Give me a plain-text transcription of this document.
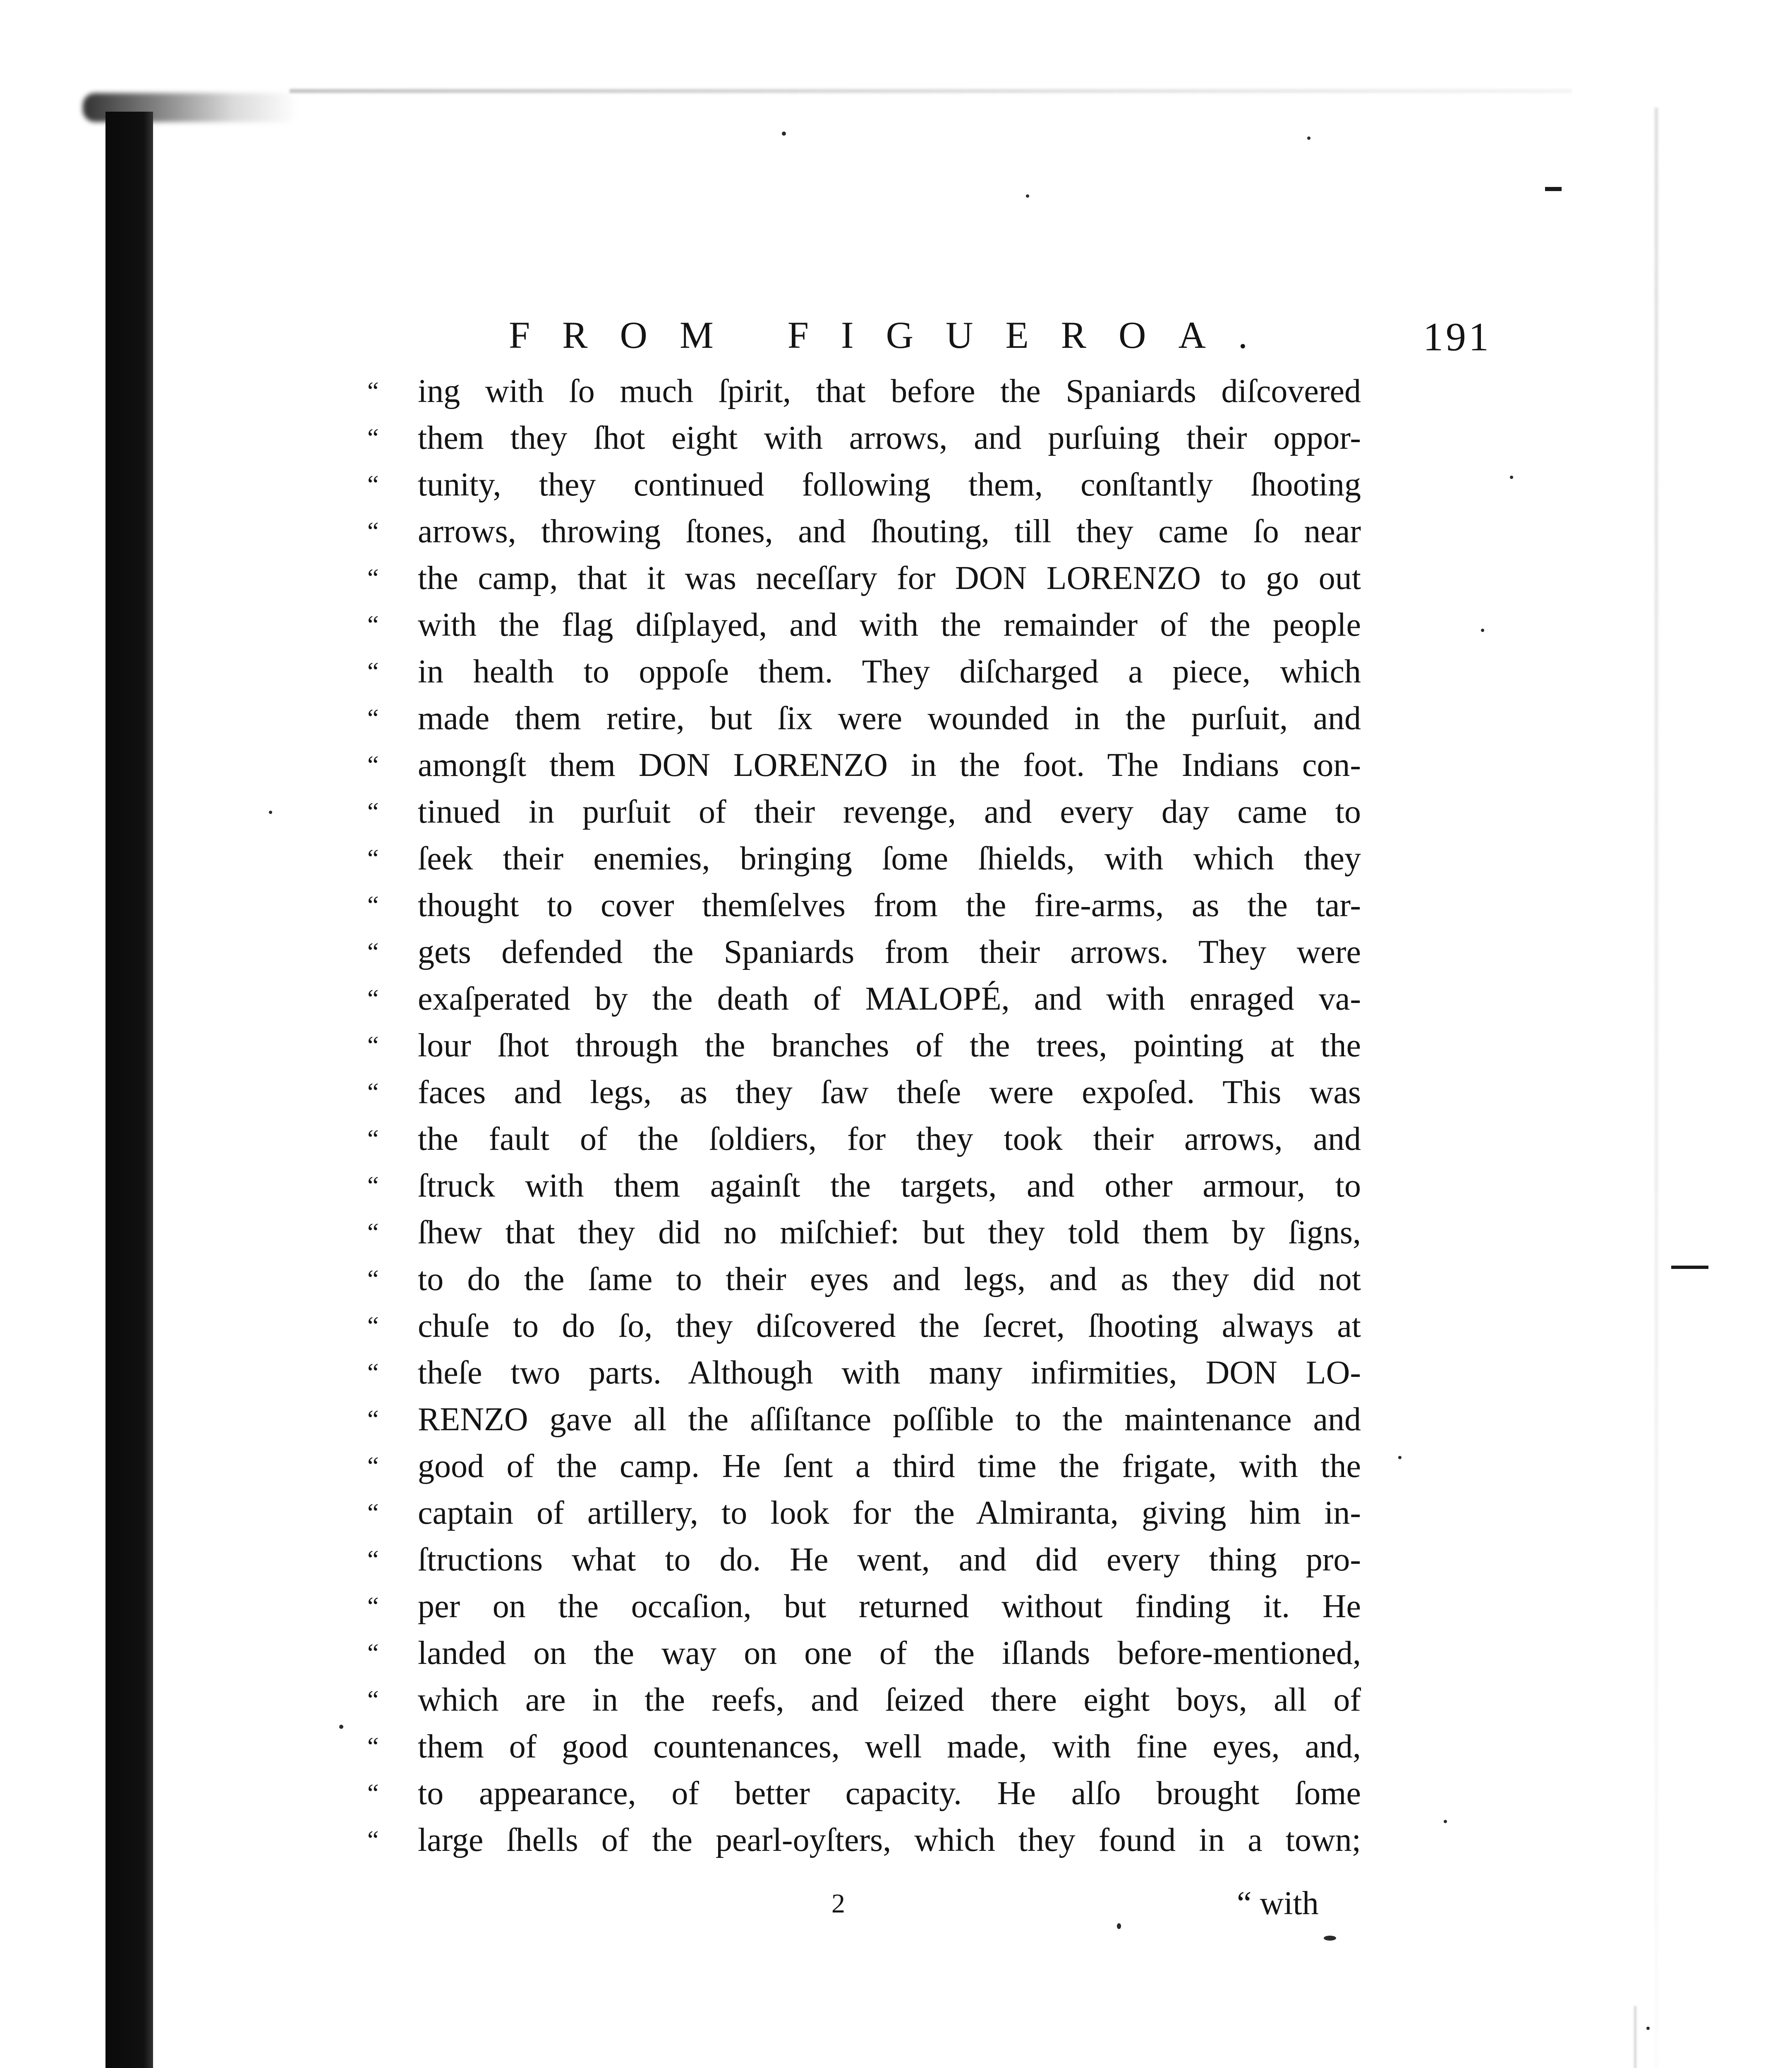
FROM FIGUEROA.	191
“	ing with ſo much ſpirit, that before the Spaniards diſcovered
“	them they ſhot eight with arrows, and purſuing their oppor-
“	tunity, they continued following them, conſtantly ſhooting
“	arrows, throwing ſtones, and ſhouting, till they came ſo near
“	the camp, that it was neceſſary for DON LORENZO to go out
“	with the flag diſplayed, and with the remainder of the people
“	in health to oppoſe them. They diſcharged a piece, which
“	made them retire, but ſix were wounded in the purſuit, and
“	amongſt them DON LORENZO in the foot. The Indians con-
“	tinued in purſuit of their revenge, and every day came to
“	ſeek their enemies, bringing ſome ſhields, with which they
“	thought to cover themſelves from the fire-arms, as the tar-
“	gets defended the Spaniards from their arrows. They were
“	exaſperated by the death of MALOPÉ, and with enraged va-
“	lour ſhot through the branches of the trees, pointing at the
“	faces and legs, as they ſaw theſe were expoſed. This was
“	the fault of the ſoldiers, for they took their arrows, and
“	ſtruck with them againſt the targets, and other armour, to
“	ſhew that they did no miſchief: but they told them by ſigns,
“	to do the ſame to their eyes and legs, and as they did not
“	chuſe to do ſo, they diſcovered the ſecret, ſhooting always at
“	theſe two parts. Although with many infirmities, DON LO-
“	RENZO gave all the aſſiſtance poſſible to the maintenance and
“	good of the camp. He ſent a third time the frigate, with the
“	captain of artillery, to look for the Almiranta, giving him in-
“	ſtructions what to do. He went, and did every thing pro-
“	per on the occaſion, but returned without finding it. He
“	landed on the way on one of the iſlands before-mentioned,
“	which are in the reefs, and ſeized there eight boys, all of
“	them of good countenances, well made, with fine eyes, and,
“	to appearance, of better capacity. He alſo brought ſome
“	large ſhells of the pearl-oyſters, which they found in a town;
2	“ with
